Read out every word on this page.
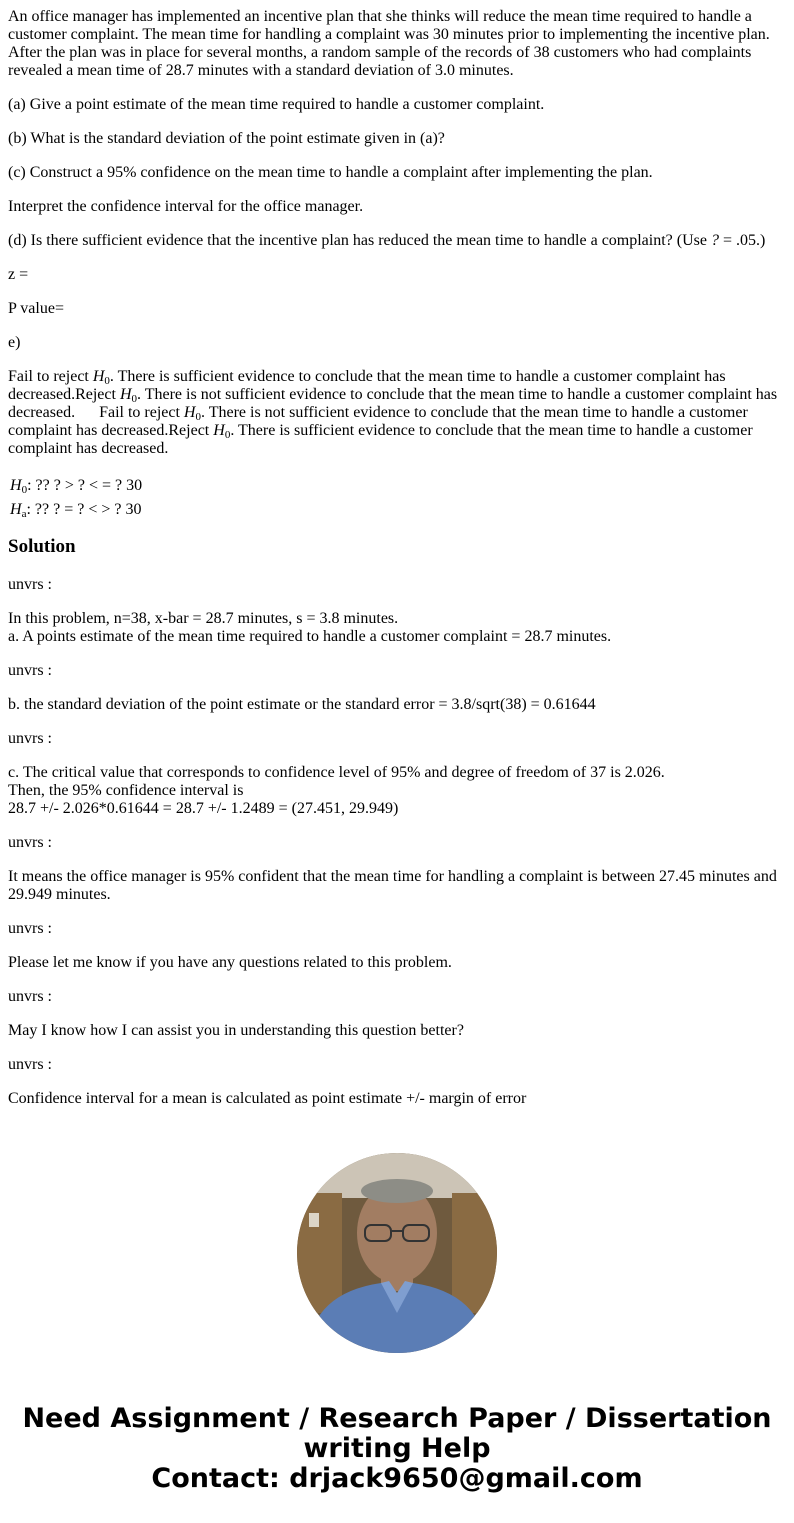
An office manager has implemented an incentive plan that she thinks will reduce the mean time required to handle a customer complaint. The mean time for handling a complaint was 30 minutes prior to implementing the incentive plan. After the plan was in place for several months, a random sample of the records of 38 customers who had complaints revealed a mean time of 28.7 minutes with a standard deviation of 3.0 minutes.

(a) Give a point estimate of the mean time required to handle a customer complaint.

(b) What is the standard deviation of the point estimate given in (a)?

(c) Construct a 95% confidence on the mean time to handle a complaint after implementing the plan.

Interpret the confidence interval for the office manager.

(d) Is there sufficient evidence that the incentive plan has reduced the mean time to handle a complaint? (Use ? = .05.)

z =

P value=

e)

Fail to reject $H_0$. There is sufficient evidence to conclude that the mean time to handle a customer complaint has decreased.Reject $H_0$. There is not sufficient evidence to conclude that the mean time to handle a customer complaint has decreased. Fail to reject $H_0$. There is not sufficient evidence to conclude that the mean time to handle a customer complaint has decreased.Reject $H_0$. There is sufficient evidence to conclude that the mean time to handle a customer complaint has decreased.

$H_0$: ?? ? > ? < = ? 30
$H_a$: ?? ? = ? < > ? 30
Solution

unvrs :

In this problem, n=38, x-bar = 28.7 minutes, s = 3.8 minutes.
a. A points estimate of the mean time required to handle a customer complaint = 28.7 minutes.

unvrs :

b. the standard deviation of the point estimate or the standard error = 3.8/sqrt(38) = 0.61644

unvrs :

c. The critical value that corresponds to confidence level of 95% and degree of freedom of 37 is 2.026.
Then, the 95% confidence interval is
28.7 +/- 2.026*0.61644 = 28.7 +/- 1.2489 = (27.451, 29.949)

unvrs :

It means the office manager is 95% confident that the mean time for handling a complaint is between 27.45 minutes and 29.949 minutes.

unvrs :

Please let me know if you have any questions related to this problem.

unvrs :

May I know how I can assist you in understanding this question better?

unvrs :

Confidence interval for a mean is calculated as point estimate +/- margin of error

Need Assignment / Research Paper / Dissertation
writing Help
Contact: drjack9650@gmail.com
